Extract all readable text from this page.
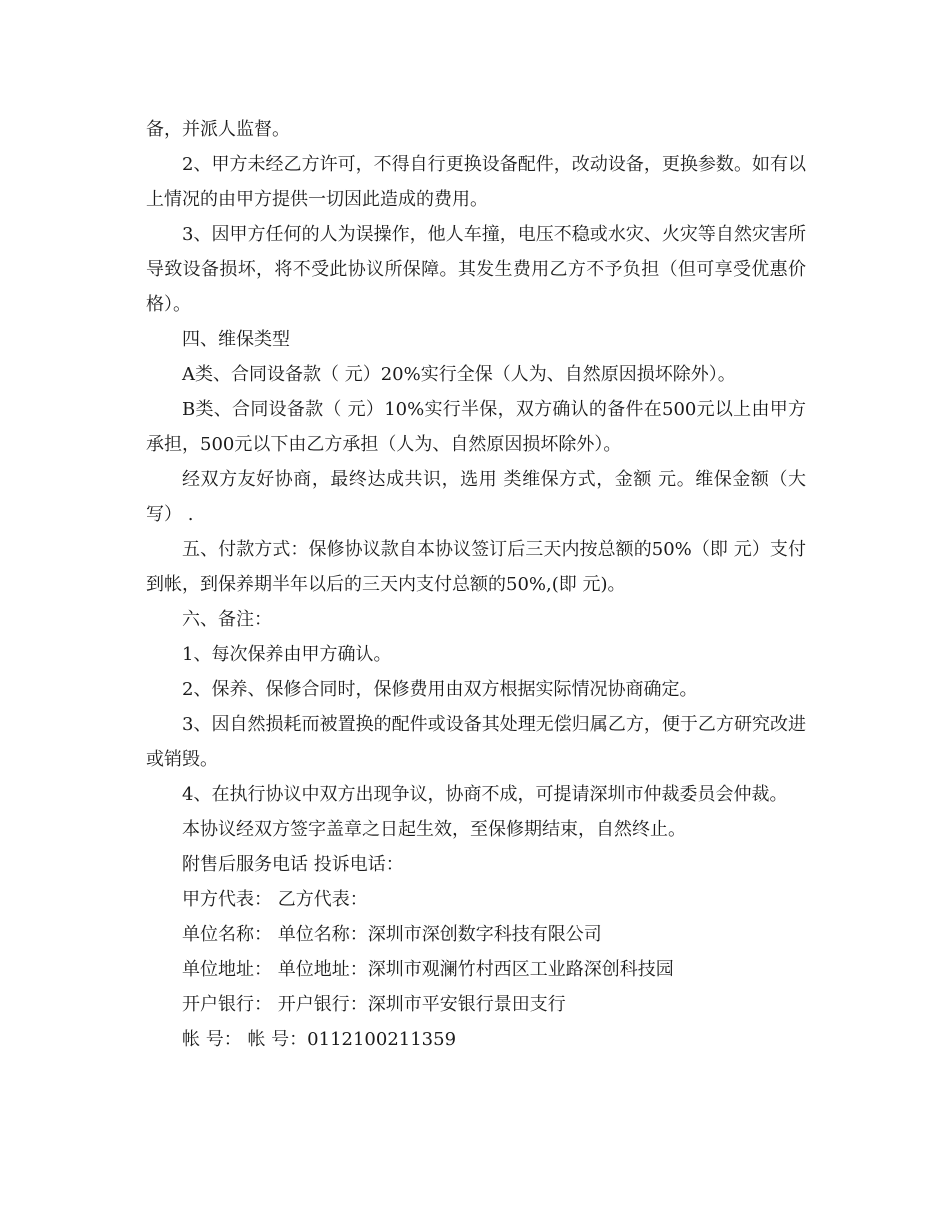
备，并派人监督。

2、甲方未经乙方许可，不得自行更换设备配件，改动设备，更换参数。如有以上情况的由甲方提供一切因此造成的费用。

3、因甲方任何的人为误操作，他人车撞，电压不稳或水灾、火灾等自然灾害所导致设备损坏，将不受此协议所保障。其发生费用乙方不予负担（但可享受优惠价格）。

四、维保类型

A类、合同设备款（ 元）20%实行全保（人为、自然原因损坏除外）。

B类、合同设备款（ 元）10%实行半保，双方确认的备件在500元以上由甲方承担，500元以下由乙方承担（人为、自然原因损坏除外）。

经双方友好协商，最终达成共识，选用 类维保方式，金额 元。维保金额（大写） .

五、付款方式：保修协议款自本协议签订后三天内按总额的50%（即 元）支付到帐，到保养期半年以后的三天内支付总额的50%,(即 元)。

六、备注：

1、每次保养由甲方确认。

2、保养、保修合同时，保修费用由双方根据实际情况协商确定。

3、因自然损耗而被置换的配件或设备其处理无偿归属乙方，便于乙方研究改进或销毁。

4、在执行协议中双方出现争议，协商不成，可提请深圳市仲裁委员会仲裁。

本协议经双方签字盖章之日起生效，至保修期结束，自然终止。

附售后服务电话 投诉电话：

甲方代表： 乙方代表：

单位名称： 单位名称：深圳市深创数字科技有限公司

单位地址： 单位地址：深圳市观澜竹村西区工业路深创科技园

开户银行： 开户银行：深圳市平安银行景田支行

帐 号： 帐 号：0112100211359
